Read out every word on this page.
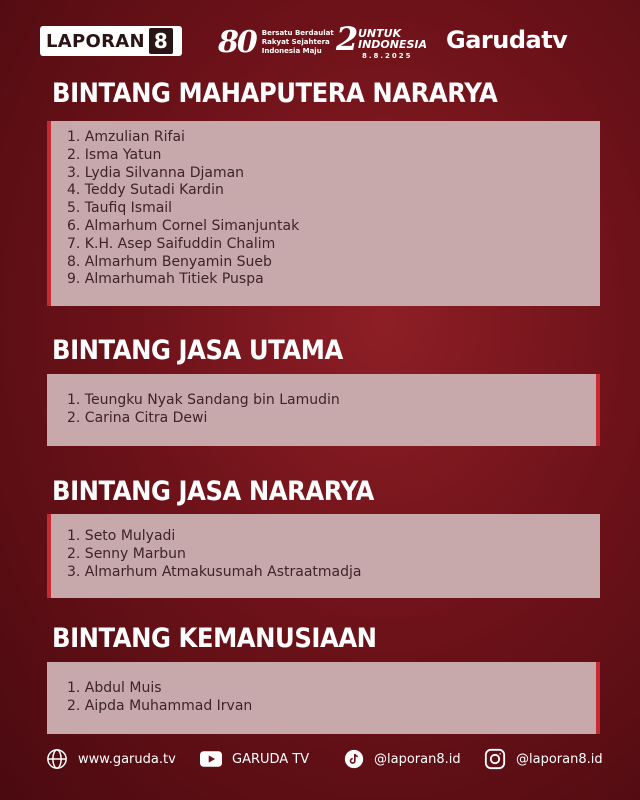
LAPORAN 8 80 Bersatu Berdaulat
Rakyat Sejahtera
Indonesia Maju 2 UNTUK
INDONESIA
8.8.2025
Garudatv
BINTANG MAHAPUTERA NARARYA
1. Amzulian Rifai
2. Isma Yatun
3. Lydia Silvanna Djaman
4. Teddy Sutadi Kardin
5. Taufiq Ismail
6. Almarhum Cornel Simanjuntak
7. K.H. Asep Saifuddin Chalim
8. Almarhum Benyamin Sueb
9. Almarhumah Titiek Puspa
BINTANG JASA UTAMA
1. Teungku Nyak Sandang bin Lamudin
2. Carina Citra Dewi
BINTANG JASA NARARYA
1. Seto Mulyadi
2. Senny Marbun
3. Almarhum Atmakusumah Astraatmadja
BINTANG KEMANUSIAAN
1. Abdul Muis
2. Aipda Muhammad Irvan
www.garuda.tv	GARUDA TV	@laporan8.id	@laporan8.id
